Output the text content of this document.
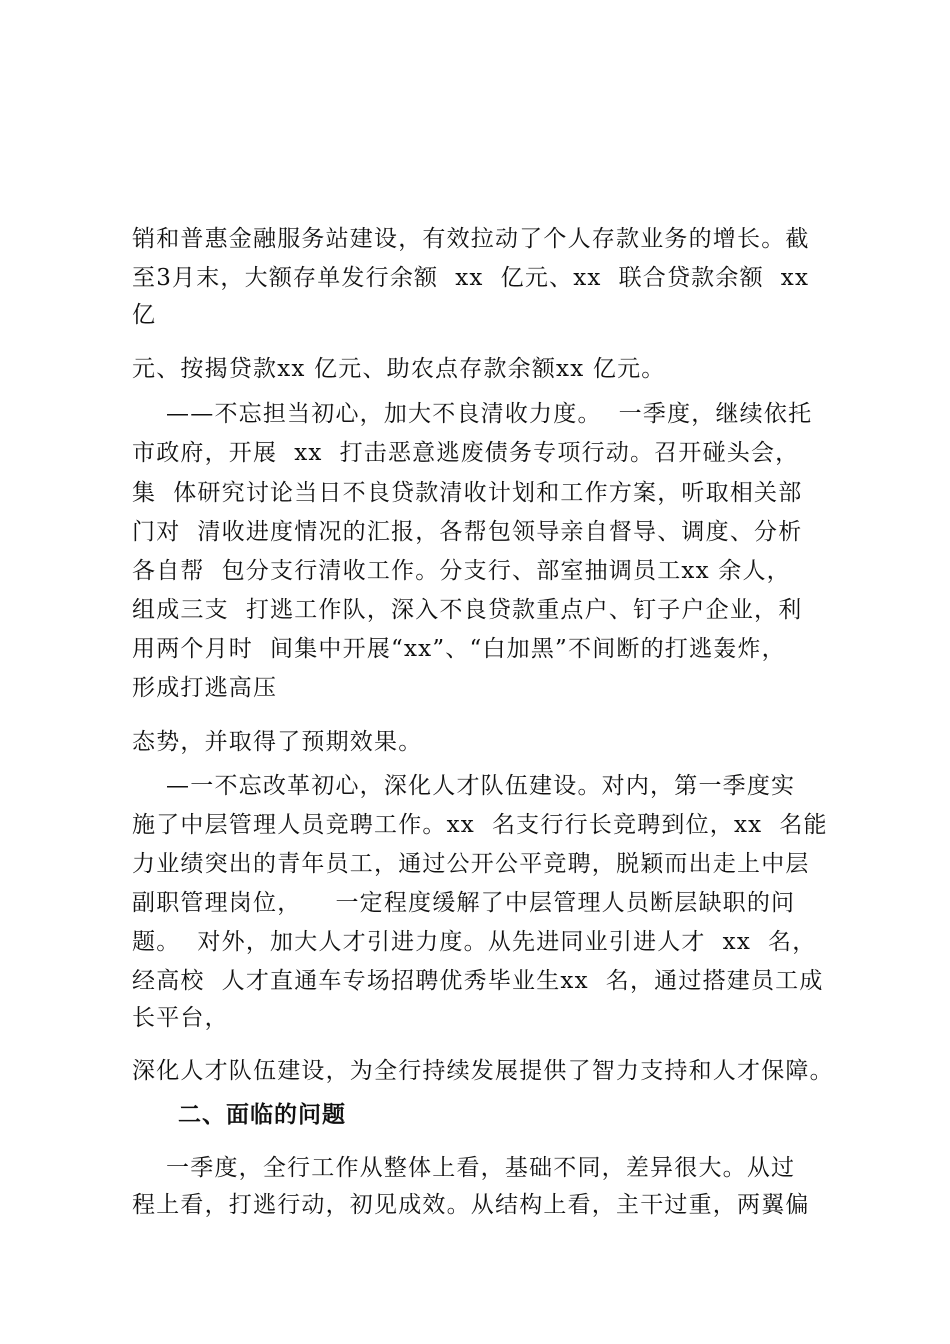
销和普惠金融服务站建设，有效拉动了个人存款业务的增长。截
至3月末，大额存单发行余额  xx  亿元、xx  联合贷款余额  xx
亿
元、按揭贷款xx 亿元、助农点存款余额xx 亿元。
——不忘担当初心，加大不良清收力度。  一季度，继续依托
市政府，开展  xx  打击恶意逃废债务专项行动。召开碰头会，
集  体研究讨论当日不良贷款清收计划和工作方案，听取相关部
门对  清收进度情况的汇报，各帮包领导亲自督导、调度、分析
各自帮  包分支行清收工作。分支行、部室抽调员工xx 余人，
组成三支  打逃工作队，深入不良贷款重点户、钉子户企业，利
用两个月时  间集中开展“xx”、“白加黑”不间断的打逃轰炸，
形成打逃高压
态势，并取得了预期效果。
—一不忘改革初心，深化人才队伍建设。对内，第一季度实
施了中层管理人员竞聘工作。xx  名支行行长竞聘到位，xx  名能
力业绩突出的青年员工，通过公开公平竞聘，脱颖而出走上中层
副职管理岗位，    一定程度缓解了中层管理人员断层缺职的问
题。  对外，加大人才引进力度。从先进同业引进人才  xx  名，
经高校  人才直通车专场招聘优秀毕业生xx  名，通过搭建员工成
长平台，
深化人才队伍建设，为全行持续发展提供了智力支持和人才保障。
二、面临的问题
一季度，全行工作从整体上看，基础不同，差异很大。从过
程上看，打逃行动，初见成效。从结构上看，主干过重，两翼偏
